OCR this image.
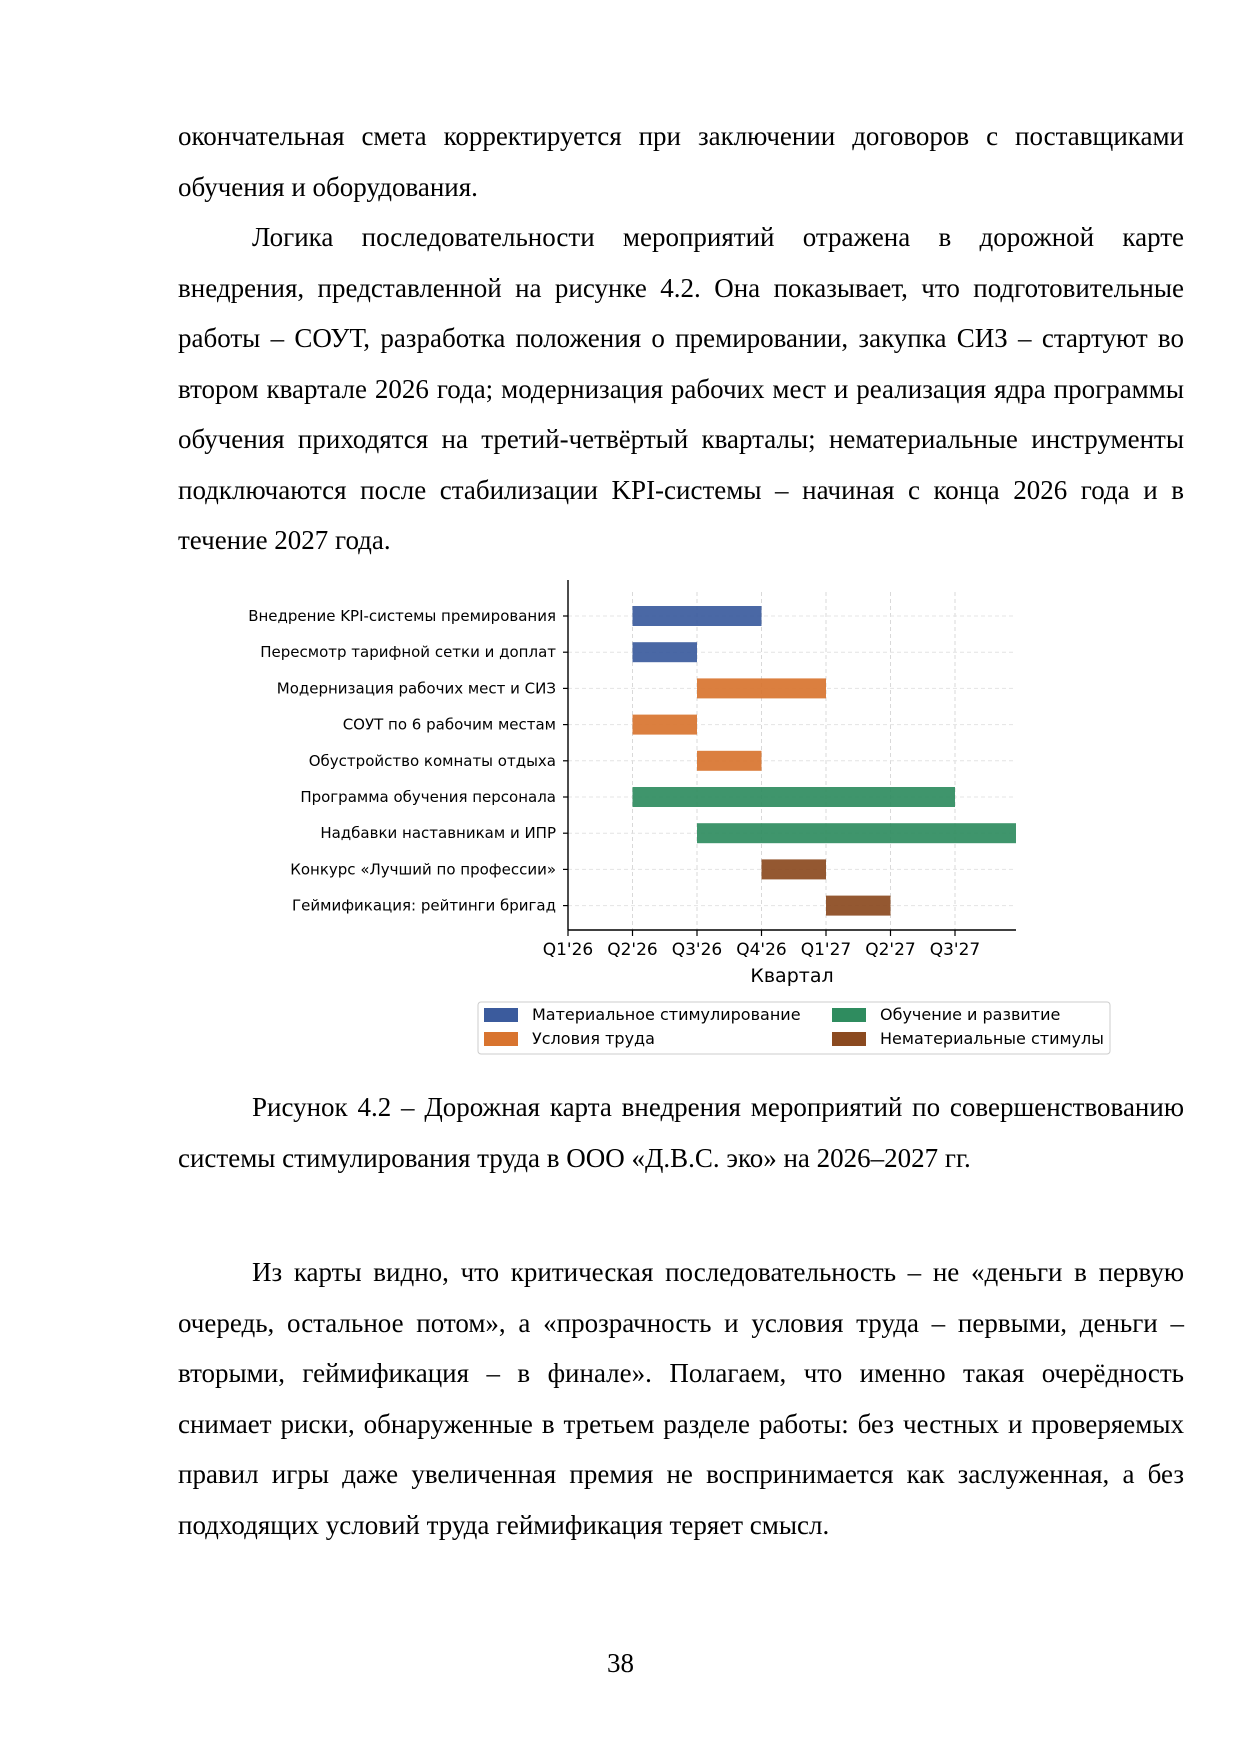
окончательная смета корректируется при заключении договоров с поставщиками обучения и оборудования.

Логика последовательности мероприятий отражена в дорожной карте внедрения, представленной на рисунке 4.2. Она показывает, что подготовительные работы – СОУТ, разработка положения о премировании, закупка СИЗ – стартуют во втором квартале 2026 года; модернизация рабочих мест и реализация ядра программы обучения приходятся на третий-четвёртый кварталы; нематериальные инструменты подключаются после стабилизации KPI-системы – начиная с конца 2026 года и в течение 2027 года.

Внедрение KPI-системы премирования
Пересмотр тарифной сетки и доплат
Модернизация рабочих мест и СИЗ
СОУТ по 6 рабочим местам
Обустройство комнаты отдыха
Программа обучения персонала
Надбавки наставникам и ИПР
Конкурс «Лучший по профессии»
Геймификация: рейтинги бригад
Q1'26 Q2'26 Q3'26 Q4'26 Q1'27 Q2'27 Q3'27
Квартал
Материальное стимулирование	Обучение и развитие
Условия труда	Нематериальные стимулы

Рисунок 4.2 – Дорожная карта внедрения мероприятий по совершенствованию системы стимулирования труда в ООО «Д.В.С. эко» на 2026–2027 гг.

Из карты видно, что критическая последовательность – не «деньги в первую очередь, остальное потом», а «прозрачность и условия труда – первыми, деньги – вторыми, геймификация – в финале». Полагаем, что именно такая очерёдность снимает риски, обнаруженные в третьем разделе работы: без честных и проверяемых правил игры даже увеличенная премия не воспринимается как заслуженная, а без подходящих условий труда геймификация теряет смысл.

38
